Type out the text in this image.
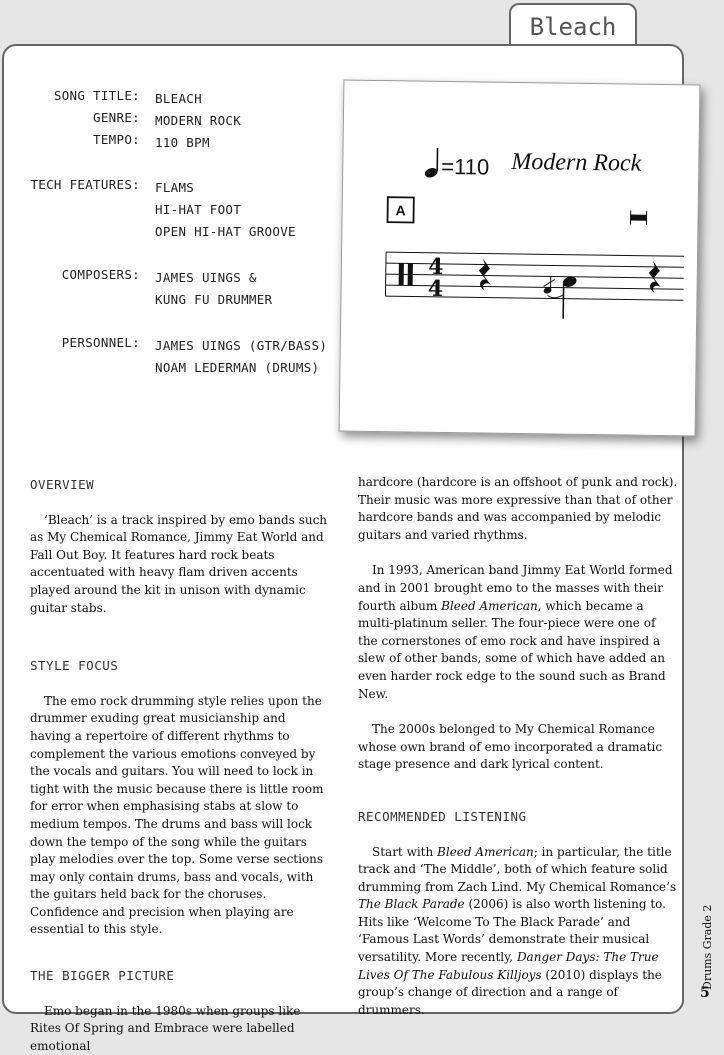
Bleach
SONG TITLE: BLEACH
GENRE: MODERN ROCK
TEMPO: 110 BPM
TECH FEATURES: FLAMS
HI-HAT FOOT
OPEN HI-HAT GROOVE
COMPOSERS: JAMES UINGS &
KUNG FU DRUMMER
PERSONNEL: JAMES UINGS (GTR/BASS)
NOAM LEDERMAN (DRUMS)
=110 Modern Rock
A
4
4

OVERVIEW

‘Bleach’ is a track inspired by emo bands such as My Chemical Romance, Jimmy Eat World and Fall Out Boy. It features hard rock beats accentuated with heavy flam driven accents played around the kit in unison with dynamic guitar stabs.

STYLE FOCUS

The emo rock drumming style relies upon the drummer exuding great musicianship and having a repertoire of different rhythms to complement the various emotions conveyed by the vocals and guitars. You will need to lock in tight with the music because there is little room for error when emphasising stabs at slow to medium tempos. The drums and bass will lock down the tempo of the song while the guitars play melodies over the top. Some verse sections may only contain drums, bass and vocals, with the guitars held back for the choruses. Confidence and precision when playing are essential to this style.

THE BIGGER PICTURE

Emo began in the 1980s when groups like Rites Of Spring and Embrace were labelled emotional

hardcore (hardcore is an offshoot of punk and rock). Their music was more expressive than that of other hardcore bands and was accompanied by melodic guitars and varied rhythms.

In 1993, American band Jimmy Eat World formed and in 2001 brought emo to the masses with their fourth album Bleed American, which became a multi-platinum seller. The four-piece were one of the cornerstones of emo rock and have inspired a slew of other bands, some of which have added an even harder rock edge to the sound such as Brand New.

The 2000s belonged to My Chemical Romance whose own brand of emo incorporated a dramatic stage presence and dark lyrical content.

RECOMMENDED LISTENING

Start with Bleed American; in particular, the title track and ‘The Middle’, both of which feature solid drumming from Zach Lind. My Chemical Romance’s The Black Parade (2006) is also worth listening to. Hits like ‘Welcome To The Black Parade’ and ‘Famous Last Words’ demonstrate their musical versatility. More recently, Danger Days: The True Lives Of The Fabulous Killjoys (2010) displays the group’s change of direction and a range of drummers.

Drums Grade 2
5
